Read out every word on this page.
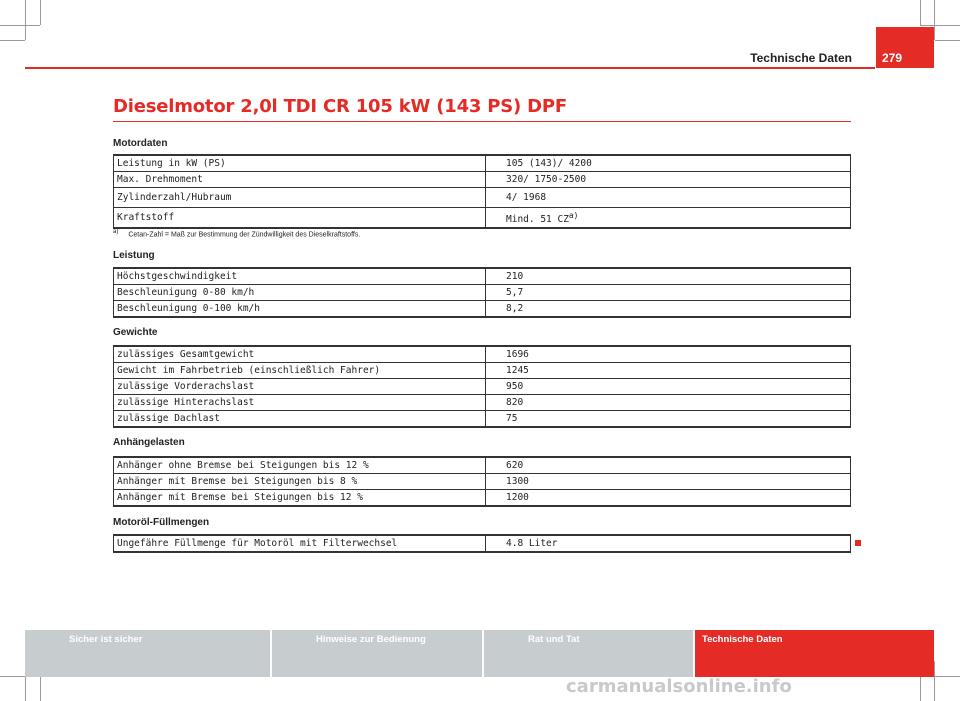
Technische Daten	279
Dieselmotor 2,0l TDI CR 105 kW (143 PS) DPF
Motordaten
Leistung in kW (PS)		105 (143)/ 4200
Max. Drehmoment		320/ 1750-2500
Zylinderzahl/Hubraum		4/ 1968
Kraftstoff		Mind. 51 CZ$^{a)}$
$^{a)}$ Cetan-Zahl = Maß zur Bestimmung der Zündwilligkeit des Dieselkraftstoffs.
Leistung
Höchstgeschwindigkeit		210
Beschleunigung 0-80 km/h		5,7
Beschleunigung 0-100 km/h		8,2
Gewichte
zulässiges Gesamtgewicht		1696
Gewicht im Fahrbetrieb (einschließlich Fahrer)		1245
zulässige Vorderachslast		950
zulässige Hinterachslast		820
zulässige Dachlast		75
Anhängelasten
Anhänger ohne Bremse bei Steigungen bis 12 %		620
Anhänger mit Bremse bei Steigungen bis 8 %		1300
Anhänger mit Bremse bei Steigungen bis 12 %		1200
Motoröl-Füllmengen
Ungefähre Füllmenge für Motoröl mit Filterwechsel		4.8 Liter
Sicher ist sicher	Hinweise zur Bedienung	Rat und Tat	Technische Daten
carmanualsonline.info
